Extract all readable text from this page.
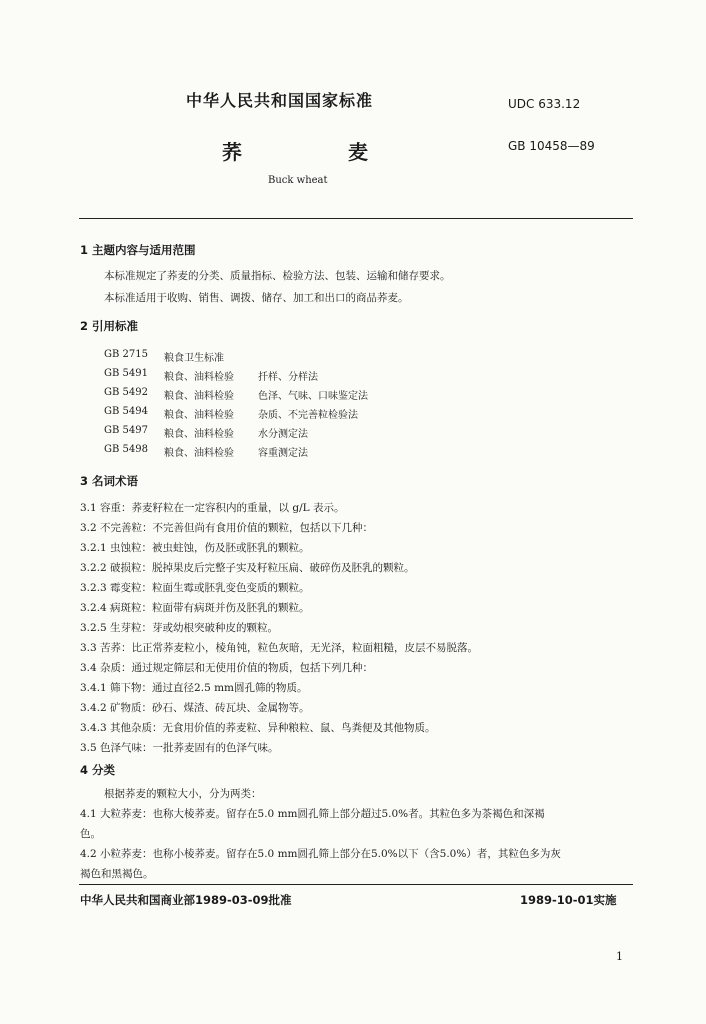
中华人民共和国国家标准	UDC 633.12
荞	麦	GB 10458—89
Buck wheat
1 主题内容与适用范围
本标准规定了荞麦的分类、质量指标、检验方法、包装、运输和储存要求。
本标准适用于收购、销售、调拨、储存、加工和出口的商品荞麦。
2 引用标准
GB 2715 粮食卫生标准
GB 5491 粮食、油料检验 扦样、分样法
GB 5492 粮食、油料检验 色泽、气味、口味鉴定法
GB 5494 粮食、油料检验 杂质、不完善粒检验法
GB 5497 粮食、油料检验 水分测定法
GB 5498 粮食、油料检验 容重测定法
3 名词术语
3.1 容重：荞麦籽粒在一定容积内的重量，以 g/L 表示。
3.2 不完善粒：不完善但尚有食用价值的颗粒，包括以下几种：
3.2.1 虫蚀粒：被虫蛀蚀，伤及胚或胚乳的颗粒。
3.2.2 破损粒：脱掉果皮后完整子实及籽粒压扁、破碎伤及胚乳的颗粒。
3.2.3 霉变粒：粒面生霉或胚乳变色变质的颗粒。
3.2.4 病斑粒：粒面带有病斑并伤及胚乳的颗粒。
3.2.5 生芽粒：芽或幼根突破种皮的颗粒。
3.3 苦荞：比正常荞麦粒小，棱角钝，粒色灰暗，无光泽，粒面粗糙，皮层不易脱落。
3.4 杂质：通过规定筛层和无使用价值的物质，包括下列几种：
3.4.1 筛下物：通过直径2.5 mm圆孔筛的物质。
3.4.2 矿物质：砂石、煤渣、砖瓦块、金属物等。
3.4.3 其他杂质：无食用价值的荞麦粒、异种粮粒、鼠、鸟粪便及其他物质。
3.5 色泽气味：一批荞麦固有的色泽气味。
4 分类
根据荞麦的颗粒大小，分为两类：
4.1 大粒荞麦：也称大棱荞麦。留存在5.0 mm圆孔筛上部分超过5.0%者。其粒色多为茶褐色和深褐
色。
4.2 小粒荞麦：也称小棱荞麦。留存在5.0 mm圆孔筛上部分在5.0%以下（含5.0%）者，其粒色多为灰
褐色和黑褐色。
中华人民共和国商业部1989-03-09批准	1989-10-01实施
1
